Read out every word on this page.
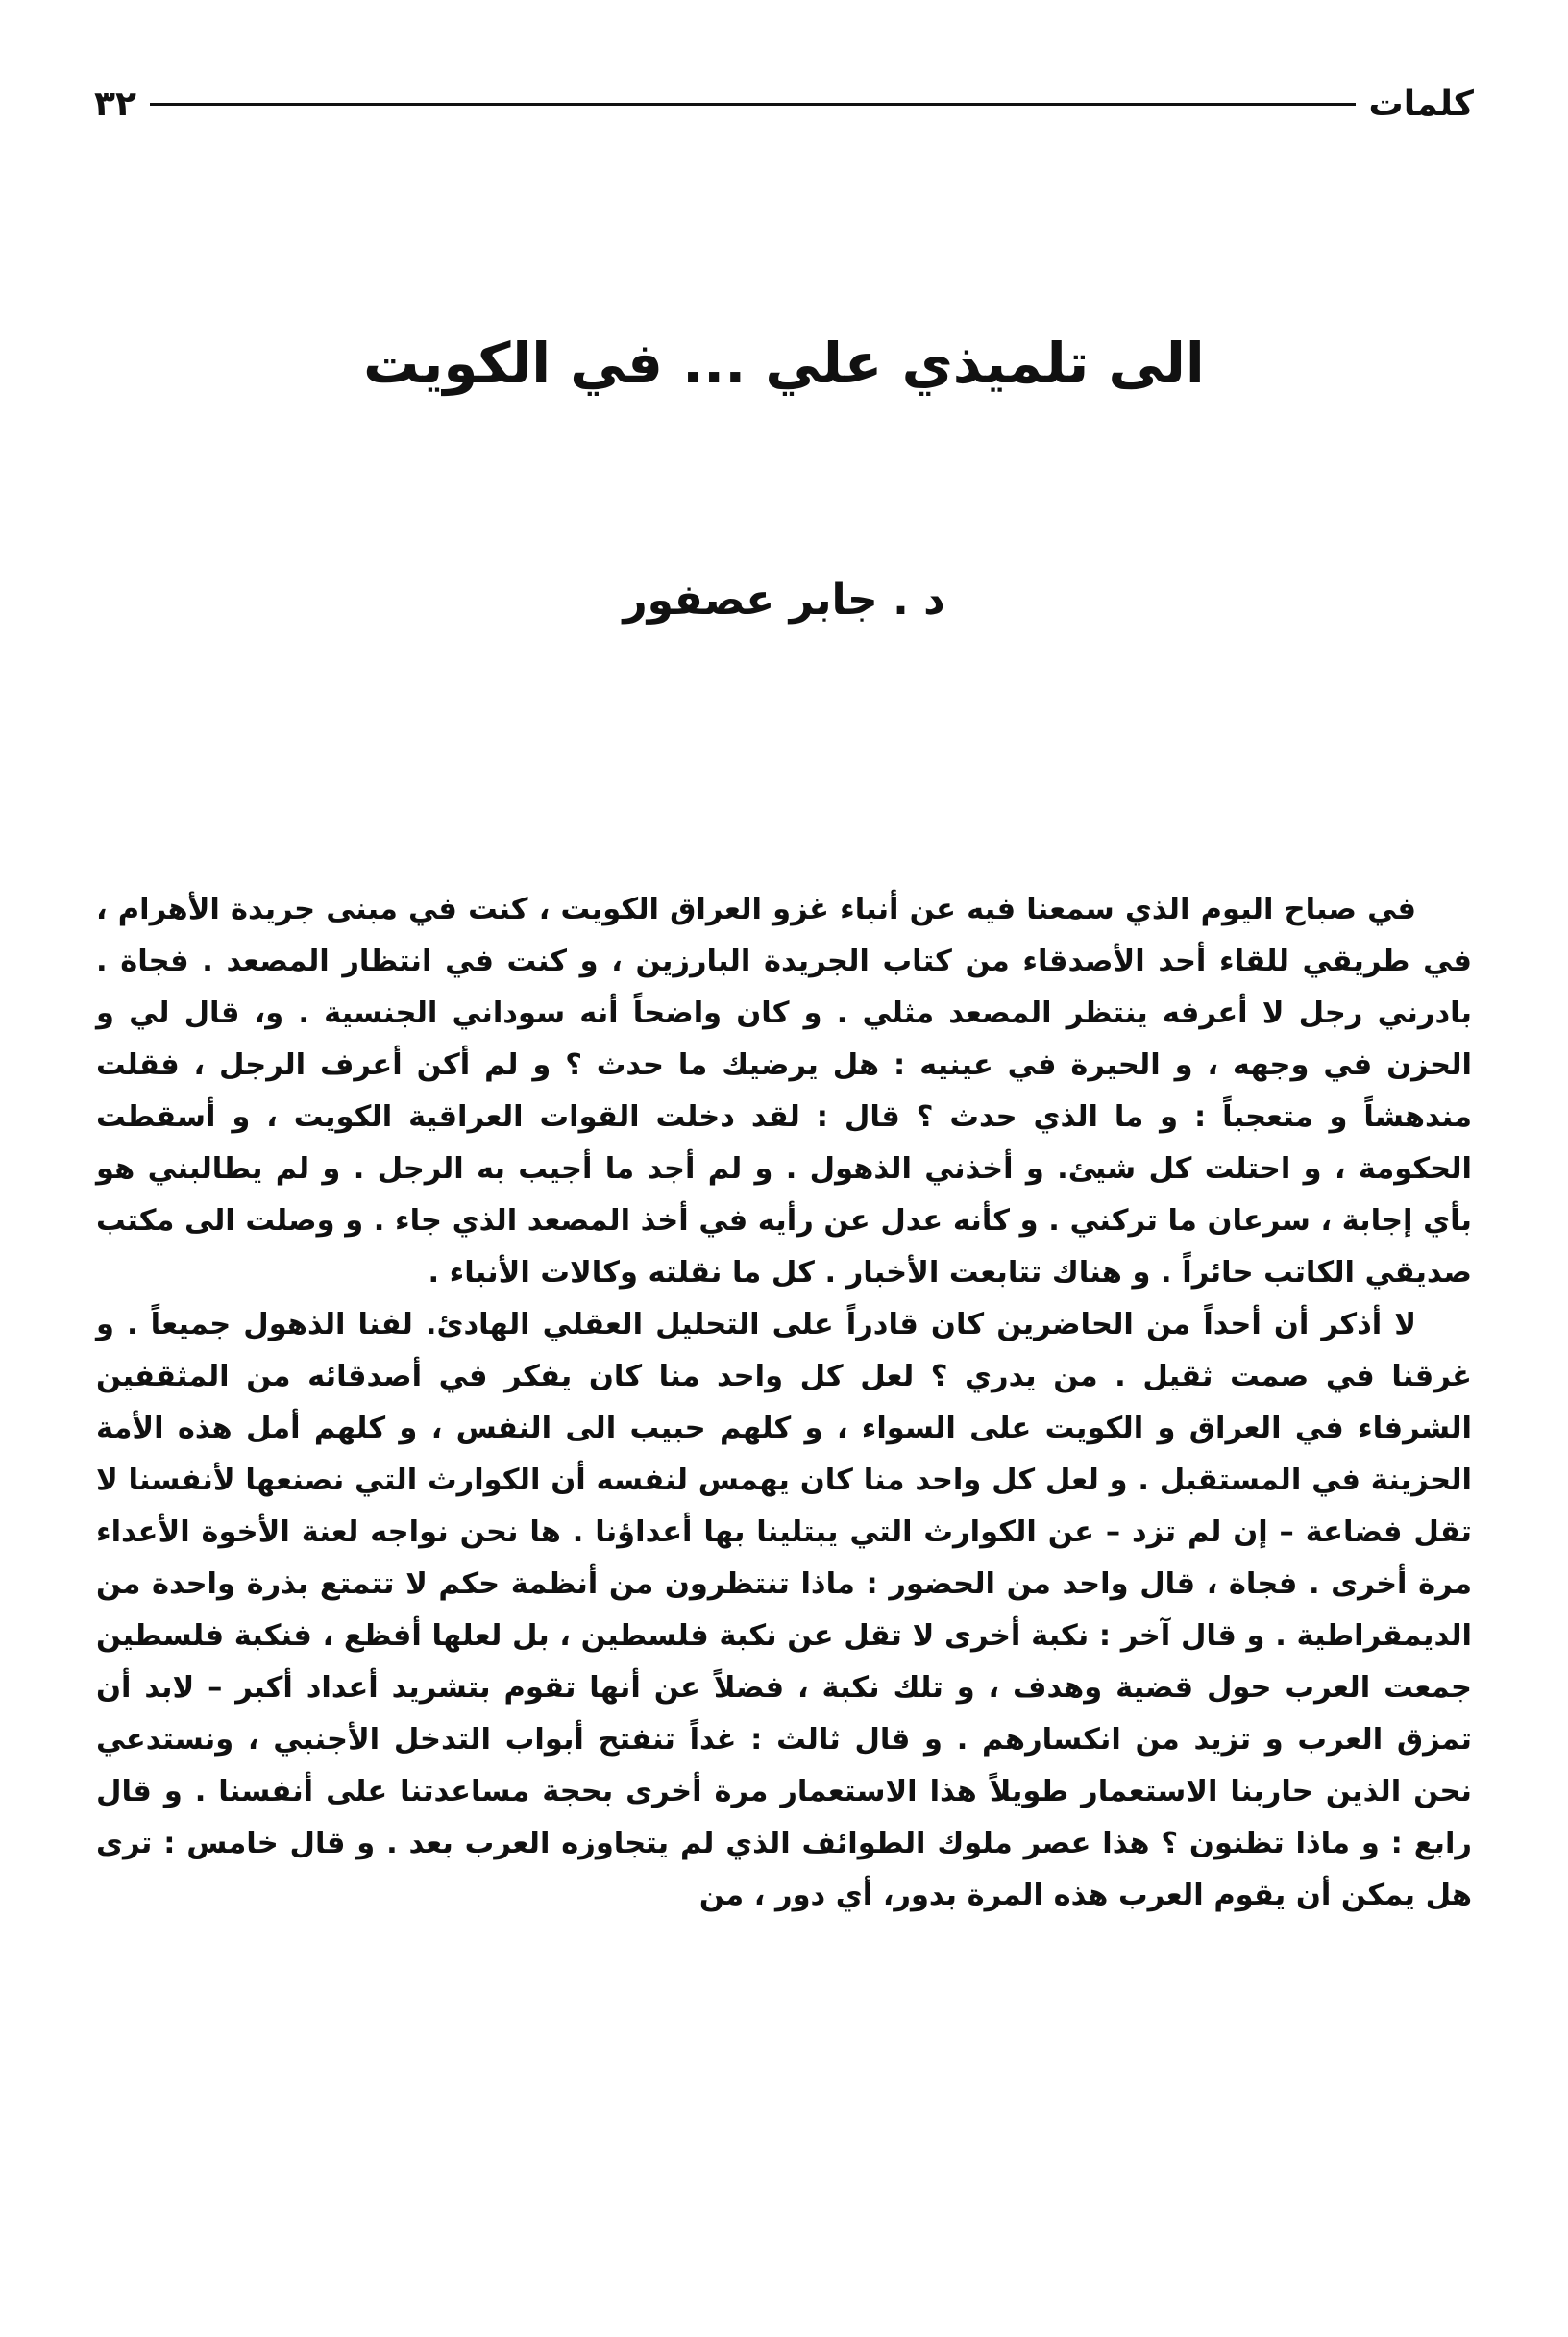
كلمات
٣٢
الى تلميذي علي ... في الكويت
د . جابر عصفور

في صباح اليوم الذي سمعنا فيه عن أنباء غزو العراق الكويت ، كنت في مبنى جريدة الأهرام ، في طريقي للقاء أحد الأصدقاء من كتاب الجريدة البارزين ، و كنت في انتظار المصعد . فجاة . بادرني رجل لا أعرفه ينتظر المصعد مثلي . و كان واضحاً أنه سوداني الجنسية . و، قال لي و الحزن في وجهه ، و الحيرة في عينيه : هل يرضيك ما حدث ؟ و لم أكن أعرف الرجل ، فقلت مندهشاً و متعجباً : و ما الذي حدث ؟ قال : لقد دخلت القوات العراقية الكويت ، و أسقطت الحكومة ، و احتلت كل شيئ. و أخذني الذهول . و لم أجد ما أجيب به الرجل . و لم يطالبني هو بأي إجابة ، سرعان ما تركني . و كأنه عدل عن رأيه في أخذ المصعد الذي جاء . و وصلت الى مكتب صديقي الكاتب حائراً . و هناك تتابعت الأخبار . كل ما نقلته وكالات الأنباء .

لا أذكر أن أحداً من الحاضرين كان قادراً على التحليل العقلي الهادئ. لفنا الذهول جميعاً . و غرقنا في صمت ثقيل . من يدري ؟ لعل كل واحد منا كان يفكر في أصدقائه من المثقفين الشرفاء في العراق و الكويت على السواء ، و كلهم حبيب الى النفس ، و كلهم أمل هذه الأمة الحزينة في المستقبل . و لعل كل واحد منا كان يهمس لنفسه أن الكوارث التي نصنعها لأنفسنا لا تقل فضاعة – إن لم تزد – عن الكوارث التي يبتلينا بها أعداؤنا . ها نحن نواجه لعنة الأخوة الأعداء مرة أخرى . فجاة ، قال واحد من الحضور : ماذا تنتظرون من أنظمة حكم لا تتمتع بذرة واحدة من الديمقراطية . و قال آخر : نكبة أخرى لا تقل عن نكبة فلسطين ، بل لعلها أفظع ، فنكبة فلسطين جمعت العرب حول قضية وهدف ، و تلك نكبة ، فضلاً عن أنها تقوم بتشريد أعداد أكبر – لابد أن تمزق العرب و تزيد من انكسارهم . و قال ثالث : غداً تنفتح أبواب التدخل الأجنبي ، ونستدعي نحن الذين حاربنا الاستعمار طويلاً هذا الاستعمار مرة أخرى بحجة مساعدتنا على أنفسنا . و قال رابع : و ماذا تظنون ؟ هذا عصر ملوك الطوائف الذي لم يتجاوزه العرب بعد . و قال خامس : ترى هل يمكن أن يقوم العرب هذه المرة بدور، أي دور ، من
